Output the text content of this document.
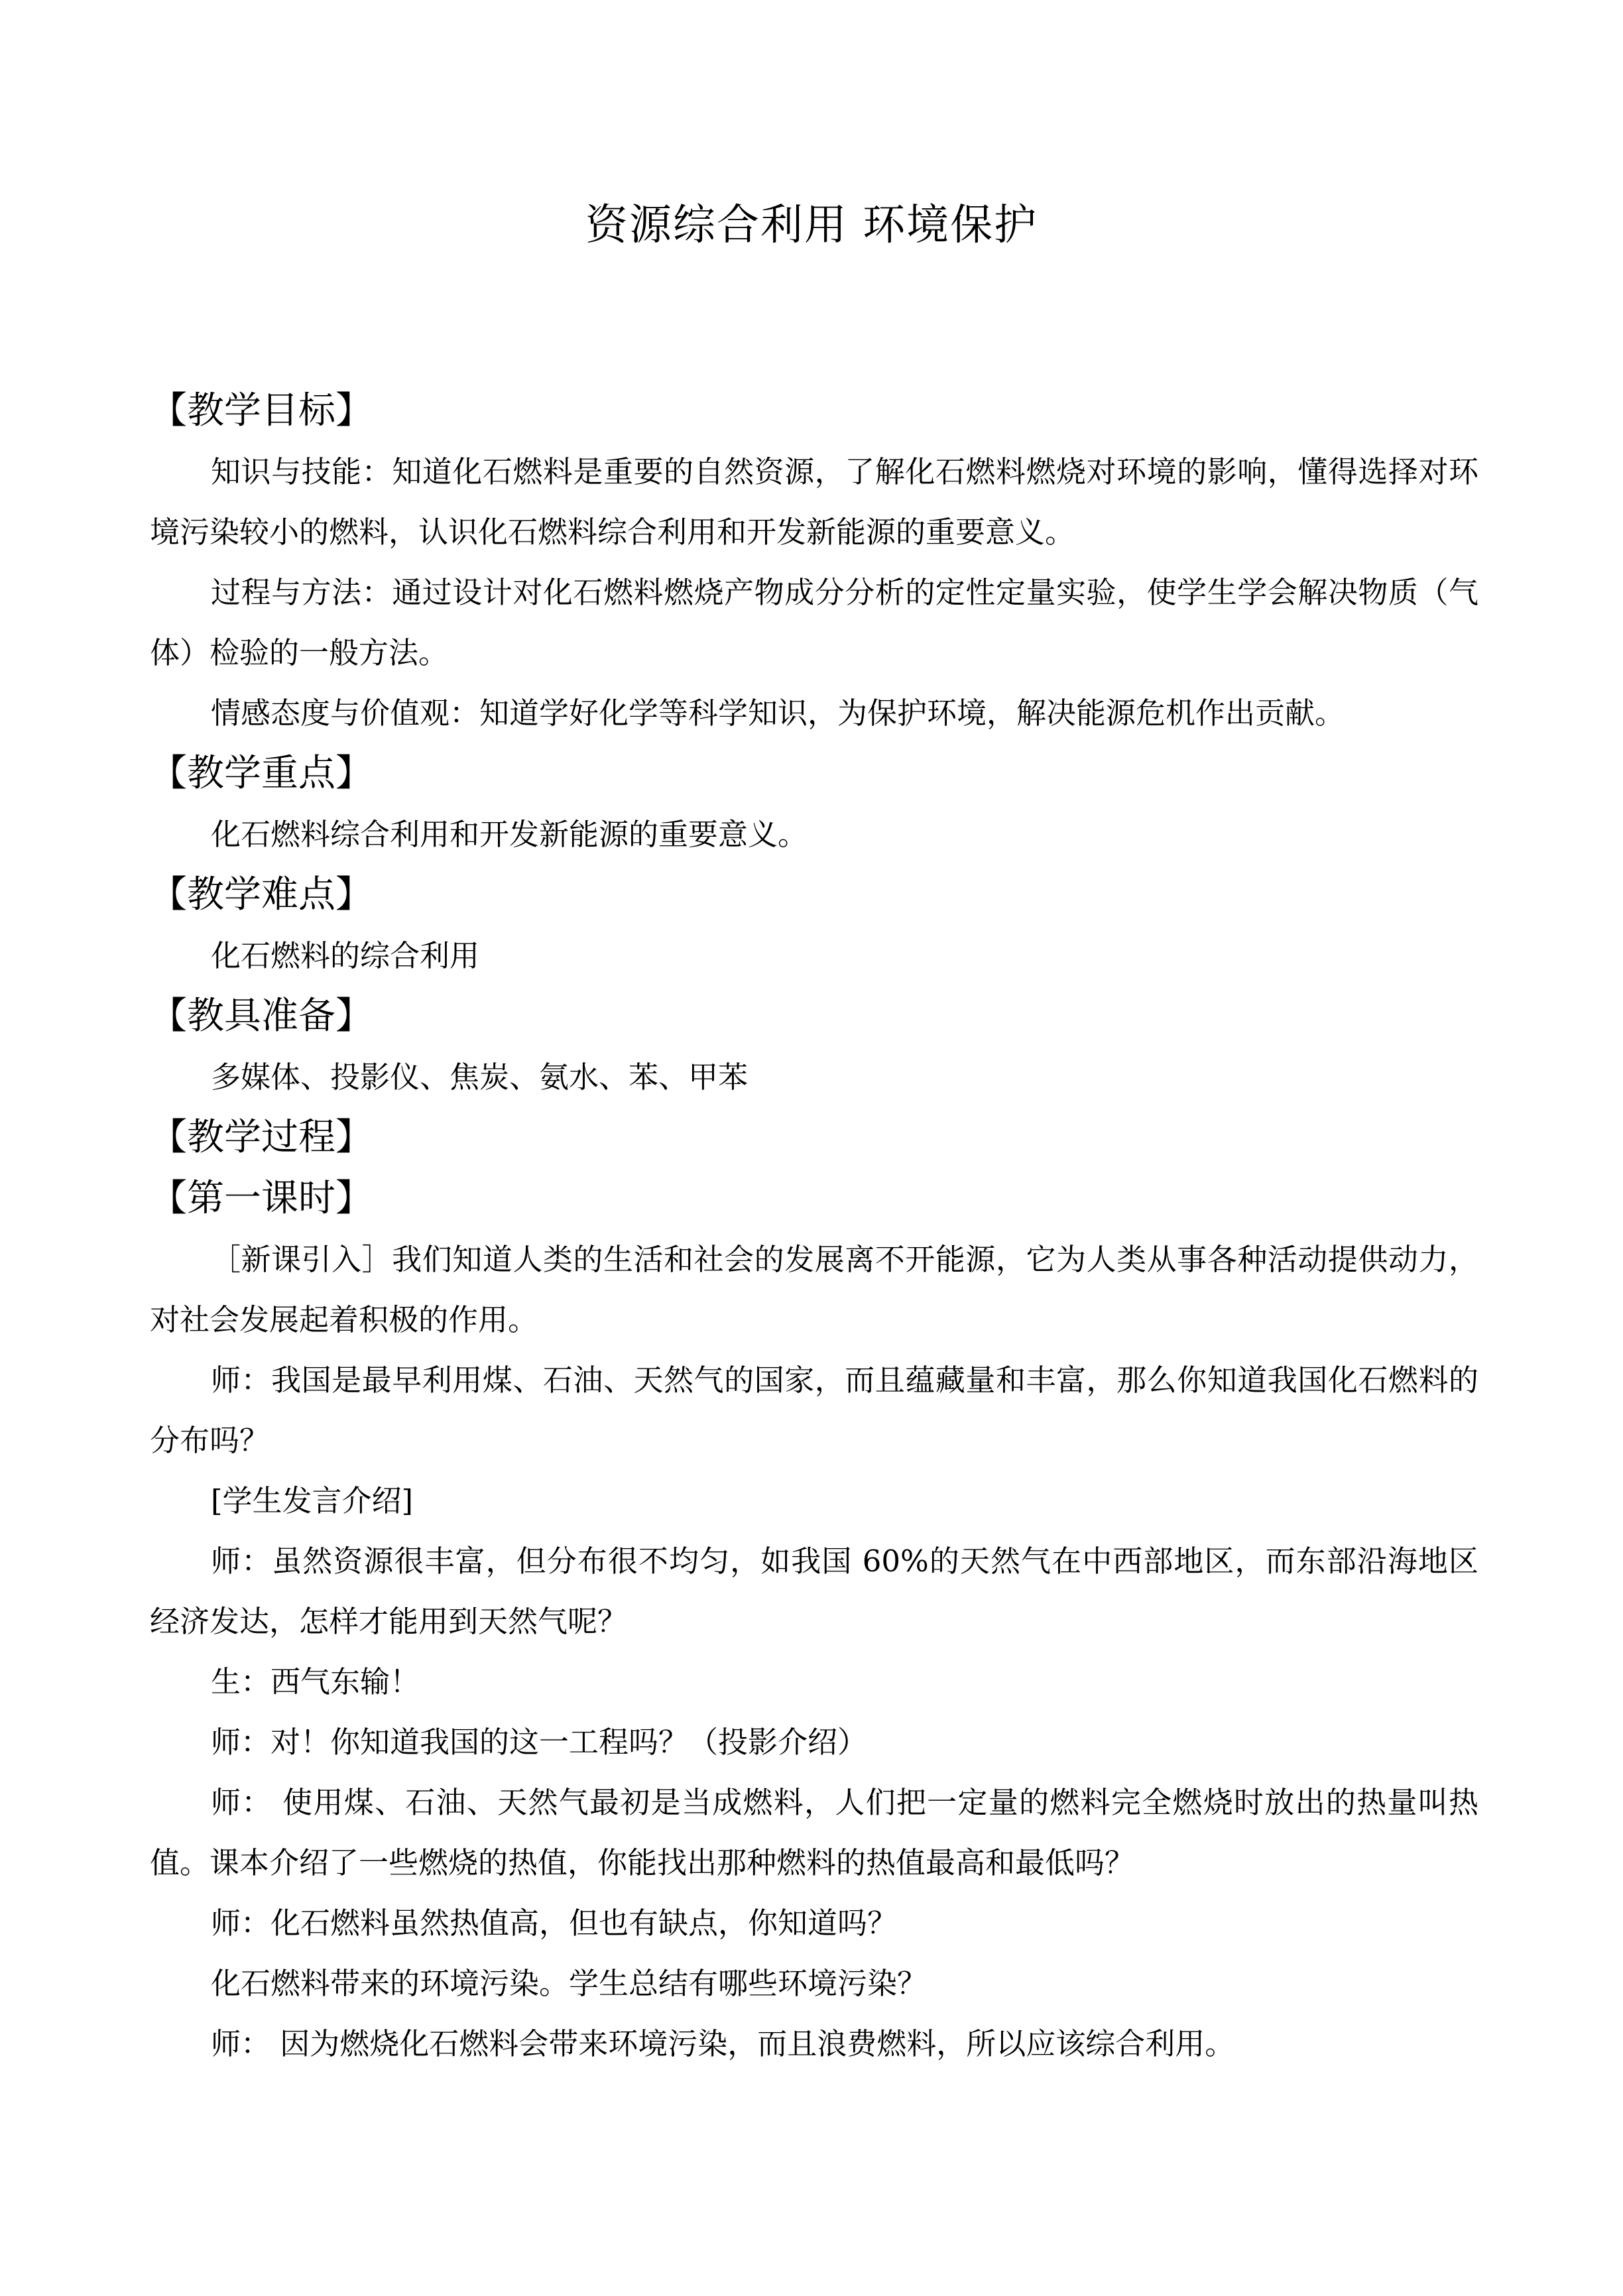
资源综合利用 环境保护
【教学目标】

知识与技能：知道化石燃料是重要的自然资源，了解化石燃料燃烧对环境的影响，懂得选择对环境污染较小的燃料，认识化石燃料综合利用和开发新能源的重要意义。

过程与方法：通过设计对化石燃料燃烧产物成分分析的定性定量实验，使学生学会解决物质（气体）检验的一般方法。

情感态度与价值观：知道学好化学等科学知识，为保护环境，解决能源危机作出贡献。

【教学重点】

化石燃料综合利用和开发新能源的重要意义。

【教学难点】

化石燃料的综合利用

【教具准备】

多媒体、投影仪、焦炭、氨水、苯、甲苯

【教学过程】
【第一课时】

［新课引入］我们知道人类的生活和社会的发展离不开能源，它为人类从事各种活动提供动力，对社会发展起着积极的作用。

师：我国是最早利用煤、石油、天然气的国家，而且蕴藏量和丰富，那么你知道我国化石燃料的分布吗？

[学生发言介绍]

师：虽然资源很丰富，但分布很不均匀，如我国 60%的天然气在中西部地区，而东部沿海地区经济发达，怎样才能用到天然气呢？

生：西气东输！

师：对！你知道我国的这一工程吗？（投影介绍）

师： 使用煤、石油、天然气最初是当成燃料，人们把一定量的燃料完全燃烧时放出的热量叫热值。课本介绍了一些燃烧的热值，你能找出那种燃料的热值最高和最低吗？

师：化石燃料虽然热值高，但也有缺点，你知道吗？

化石燃料带来的环境污染。学生总结有哪些环境污染？

师： 因为燃烧化石燃料会带来环境污染，而且浪费燃料，所以应该综合利用。
